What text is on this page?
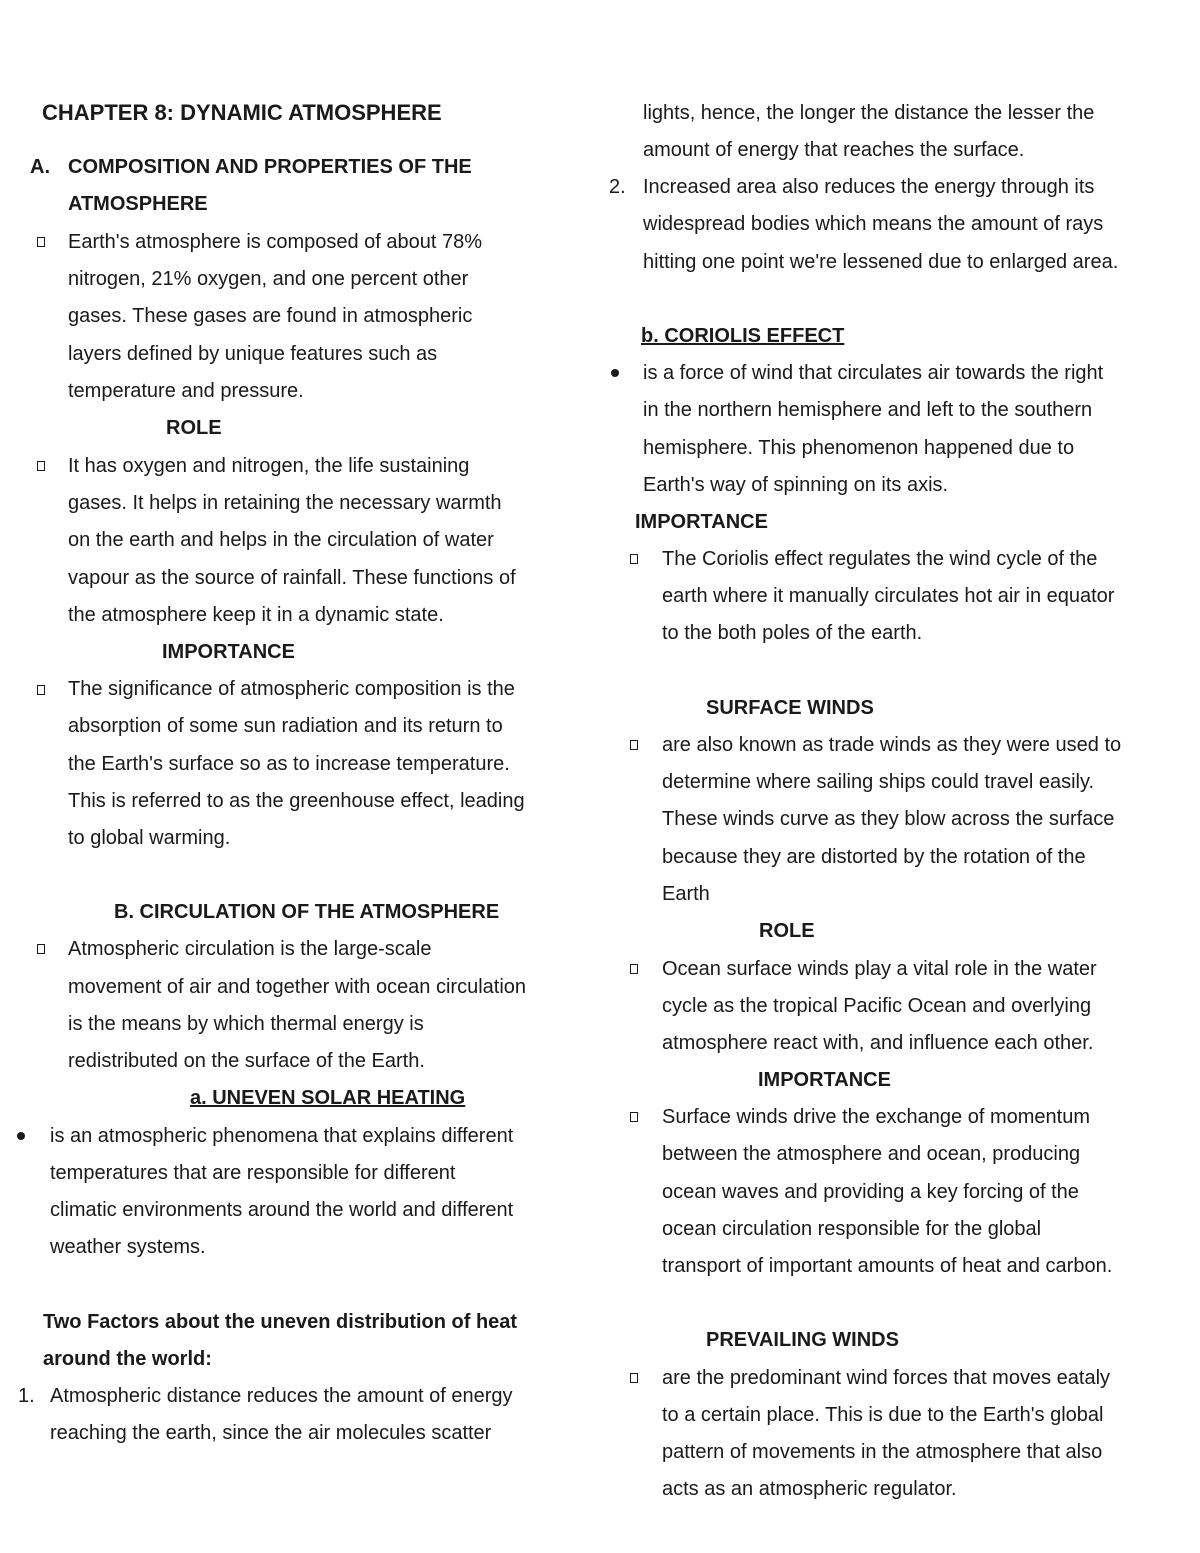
CHAPTER 8: DYNAMIC ATMOSPHERE
A. COMPOSITION AND PROPERTIES OF THE
ATMOSPHERE
Earth's atmosphere is composed of about 78%
nitrogen, 21% oxygen, and one percent other
gases. These gases are found in atmospheric
layers defined by unique features such as
temperature and pressure.
ROLE
It has oxygen and nitrogen, the life sustaining
gases. It helps in retaining the necessary warmth
on the earth and helps in the circulation of water
vapour as the source of rainfall. These functions of
the atmosphere keep it in a dynamic state.
IMPORTANCE
The significance of atmospheric composition is the
absorption of some sun radiation and its return to
the Earth's surface so as to increase temperature.
This is referred to as the greenhouse effect, leading
to global warming.
B. CIRCULATION OF THE ATMOSPHERE
Atmospheric circulation is the large-scale
movement of air and together with ocean circulation
is the means by which thermal energy is
redistributed on the surface of the Earth.
a. UNEVEN SOLAR HEATING
is an atmospheric phenomena that explains different
temperatures that are responsible for different
climatic environments around the world and different
weather systems.
Two Factors about the uneven distribution of heat
around the world:
1. Atmospheric distance reduces the amount of energy
reaching the earth, since the air molecules scatter
lights, hence, the longer the distance the lesser the
amount of energy that reaches the surface.
2. Increased area also reduces the energy through its
widespread bodies which means the amount of rays
hitting one point we're lessened due to enlarged area.
b. CORIOLIS EFFECT
is a force of wind that circulates air towards the right
in the northern hemisphere and left to the southern
hemisphere. This phenomenon happened due to
Earth's way of spinning on its axis.
IMPORTANCE
The Coriolis effect regulates the wind cycle of the
earth where it manually circulates hot air in equator
to the both poles of the earth.
SURFACE WINDS
are also known as trade winds as they were used to
determine where sailing ships could travel easily.
These winds curve as they blow across the surface
because they are distorted by the rotation of the
Earth
ROLE
Ocean surface winds play a vital role in the water
cycle as the tropical Pacific Ocean and overlying
atmosphere react with, and influence each other.
IMPORTANCE
Surface winds drive the exchange of momentum
between the atmosphere and ocean, producing
ocean waves and providing a key forcing of the
ocean circulation responsible for the global
transport of important amounts of heat and carbon.
PREVAILING WINDS
are the predominant wind forces that moves eataly
to a certain place. This is due to the Earth's global
pattern of movements in the atmosphere that also
acts as an atmospheric regulator.
